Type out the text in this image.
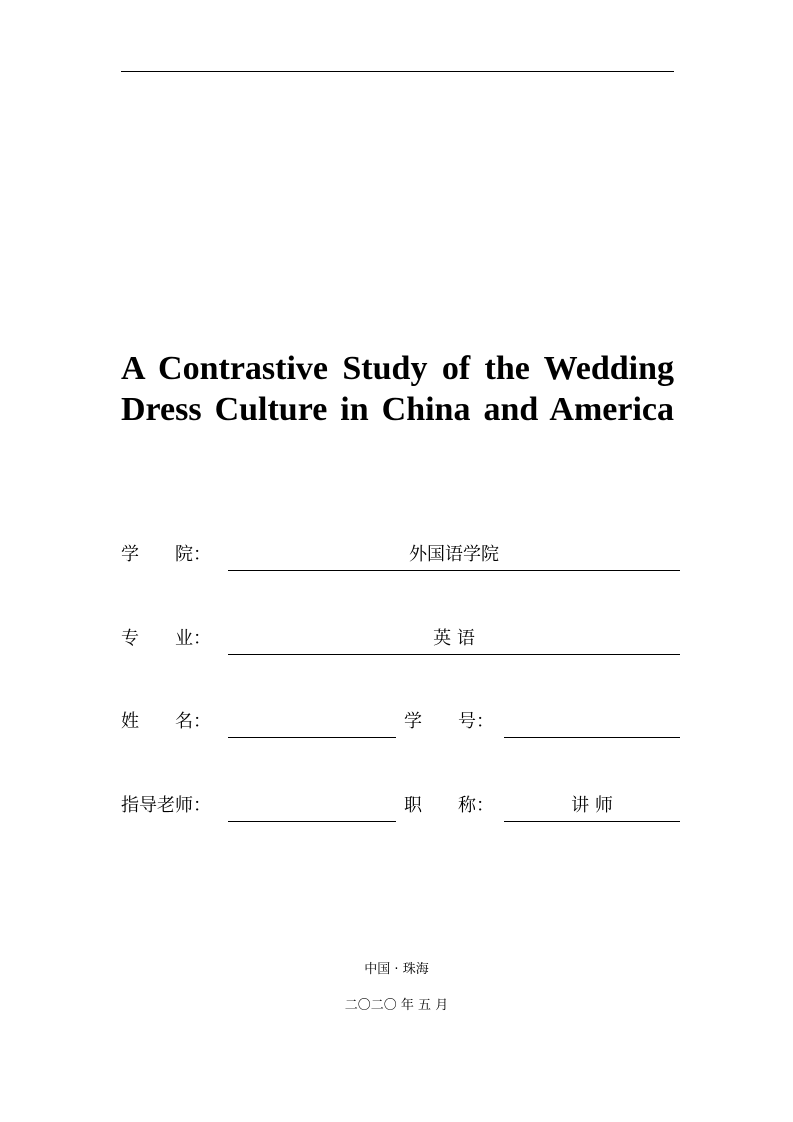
A Contrastive Study of the Wedding
Dress Culture in China and America
学　　院：	外国语学院
专　　业：	英 语
姓　　名：	学　　号：
指导老师：	职　　称：	讲 师
中国 · 珠海
二〇二〇 年 五 月
